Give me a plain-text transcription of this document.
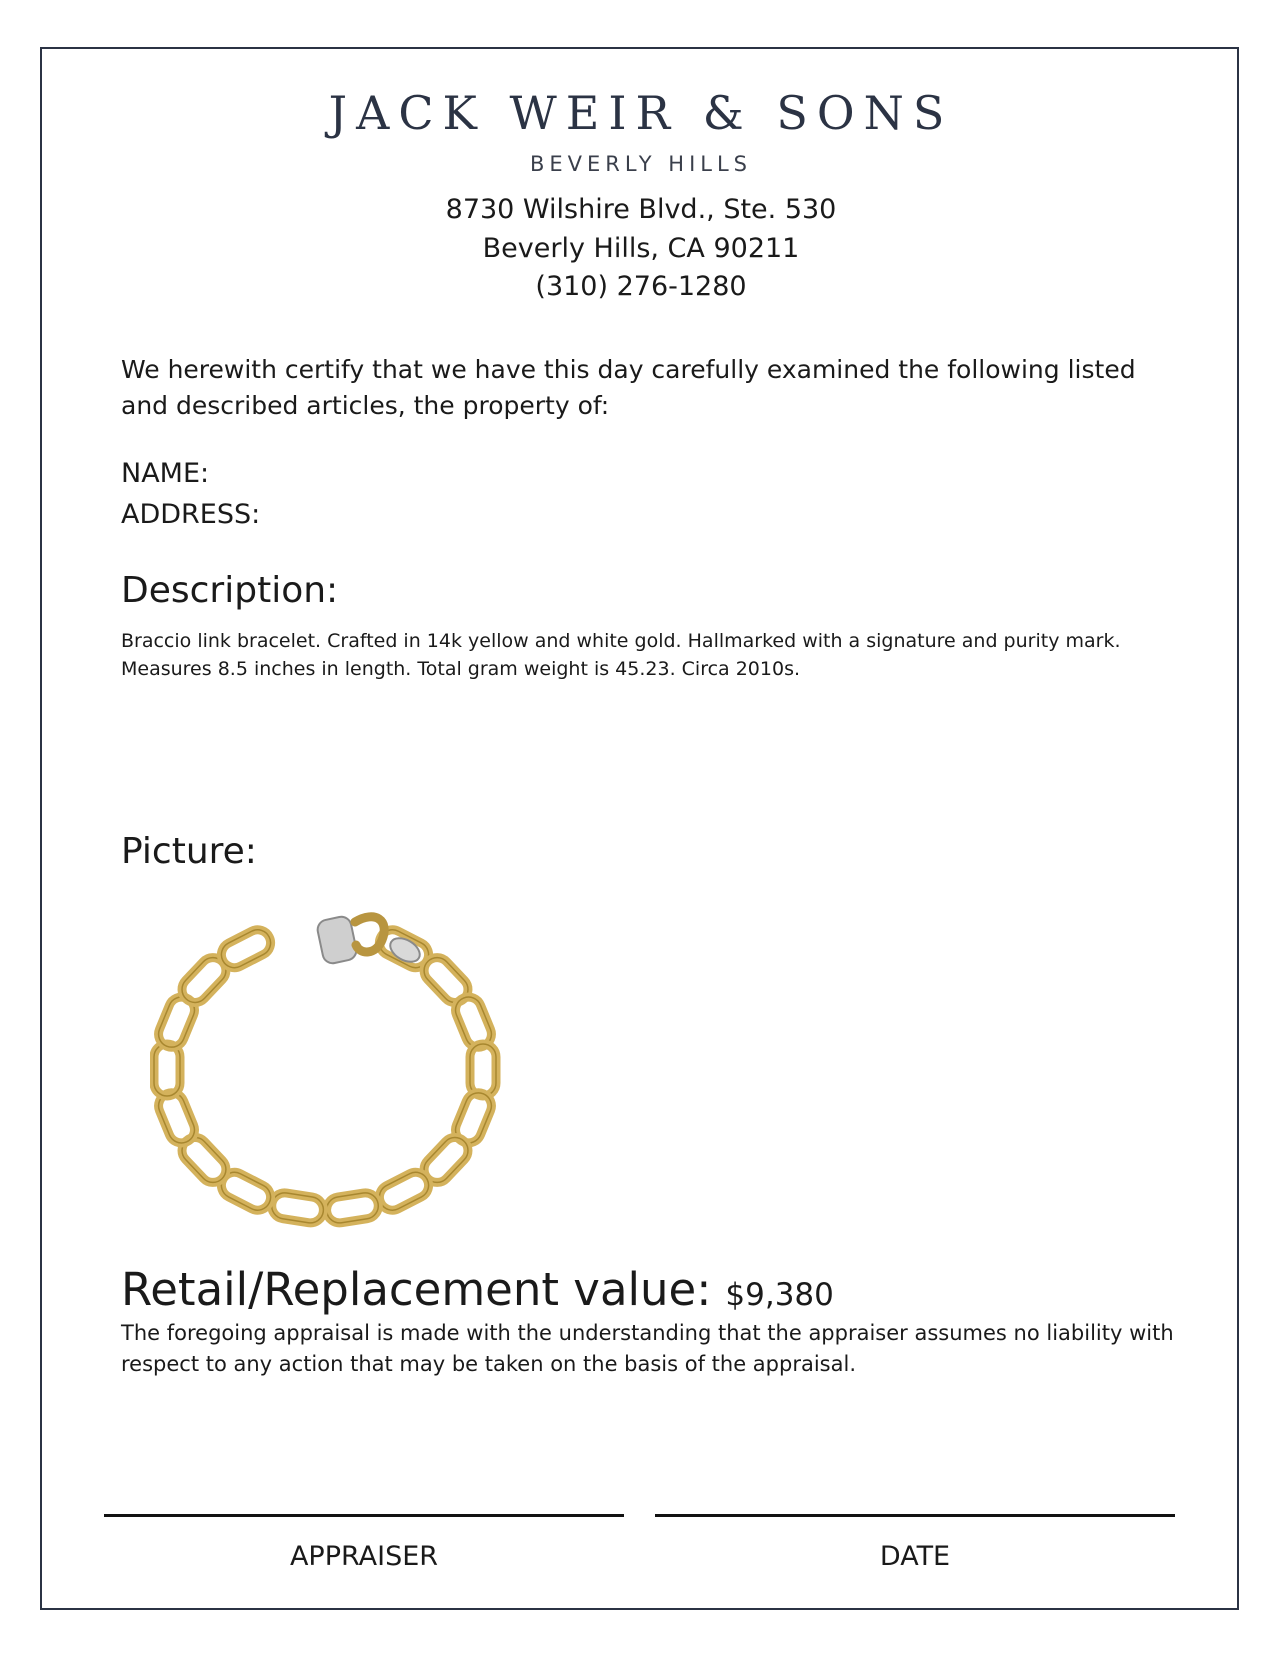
JACK WEIR & SONS
BEVERLY HILLS
8730 Wilshire Blvd., Ste. 530
Beverly Hills, CA 90211
(310) 276-1280
We herewith certify that we have this day carefully examined the following listed and described articles, the property of:
NAME:
ADDRESS:
Description:
Braccio link bracelet. Crafted in 14k yellow and white gold. Hallmarked with a signature and purity mark. Measures 8.5 inches in length. Total gram weight is 45.23. Circa 2010s.
Picture:
Retail/Replacement value: $9,380
The foregoing appraisal is made with the understanding that the appraiser assumes no liability with respect to any action that may be taken on the basis of the appraisal.
APPRAISER	DATE
